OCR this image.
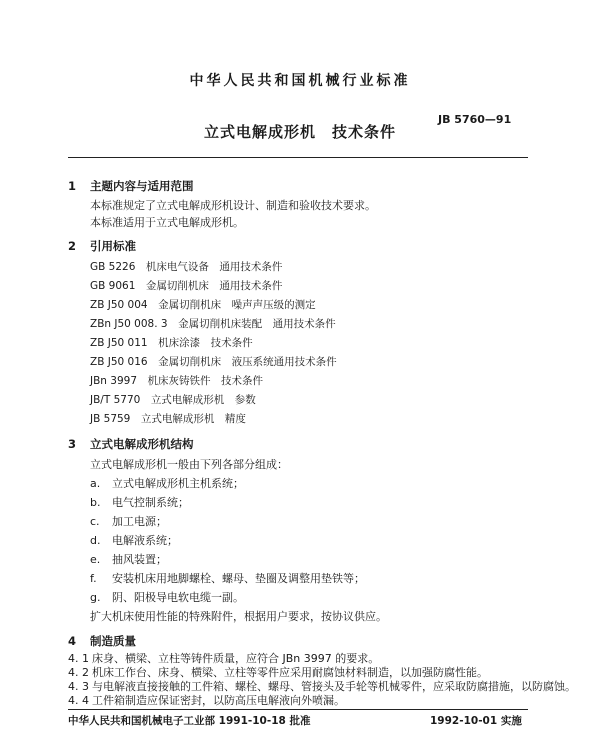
中华人民共和国机械行业标准
JB 5760—91
立式电解成形机　技术条件
1 主题内容与适用范围
本标准规定了立式电解成形机设计、制造和验收技术要求。
本标准适用于立式电解成形机。
2 引用标准
GB 5226　 机床电气设备　通用技术条件
GB 9061　 金属切削机床　通用技术条件
ZB J50 004　 金属切削机床　噪声声压级的测定
ZBn J50 008. 3　 金属切削机床装配　通用技术条件
ZB J50 011　 机床涂漆　技术条件
ZB J50 016　 金属切削机床　液压系统通用技术条件
JBn 3997　 机床灰铸铁件　技术条件
JB/T 5770　 立式电解成形机　参数
JB 5759　 立式电解成形机　精度
3 立式电解成形机结构
立式电解成形机一般由下列各部分组成：
a. 立式电解成形机主机系统；
b. 电气控制系统；
c. 加工电源；
d. 电解液系统；
e. 抽风装置；
f. 安装机床用地脚螺栓、螺母、垫圈及调整用垫铁等；
g. 阴、阳极导电软电缆一副。
扩大机床使用性能的特殊附件，根据用户要求，按协议供应。
4 制造质量
4. 1 床身、横梁、立柱等铸件质量，应符合 JBn 3997 的要求。
4. 2 机床工作台、床身、横梁、立柱等零件应采用耐腐蚀材料制造，以加强防腐性能。
4. 3 与电解液直接接触的工件箱、螺栓、螺母、管接头及手轮等机械零件，应采取防腐措施，以防腐蚀。
4. 4 工件箱制造应保证密封，以防高压电解液向外喷漏。
中华人民共和国机械电子工业部 1991-10-18 批准	1992-10-01 实施
